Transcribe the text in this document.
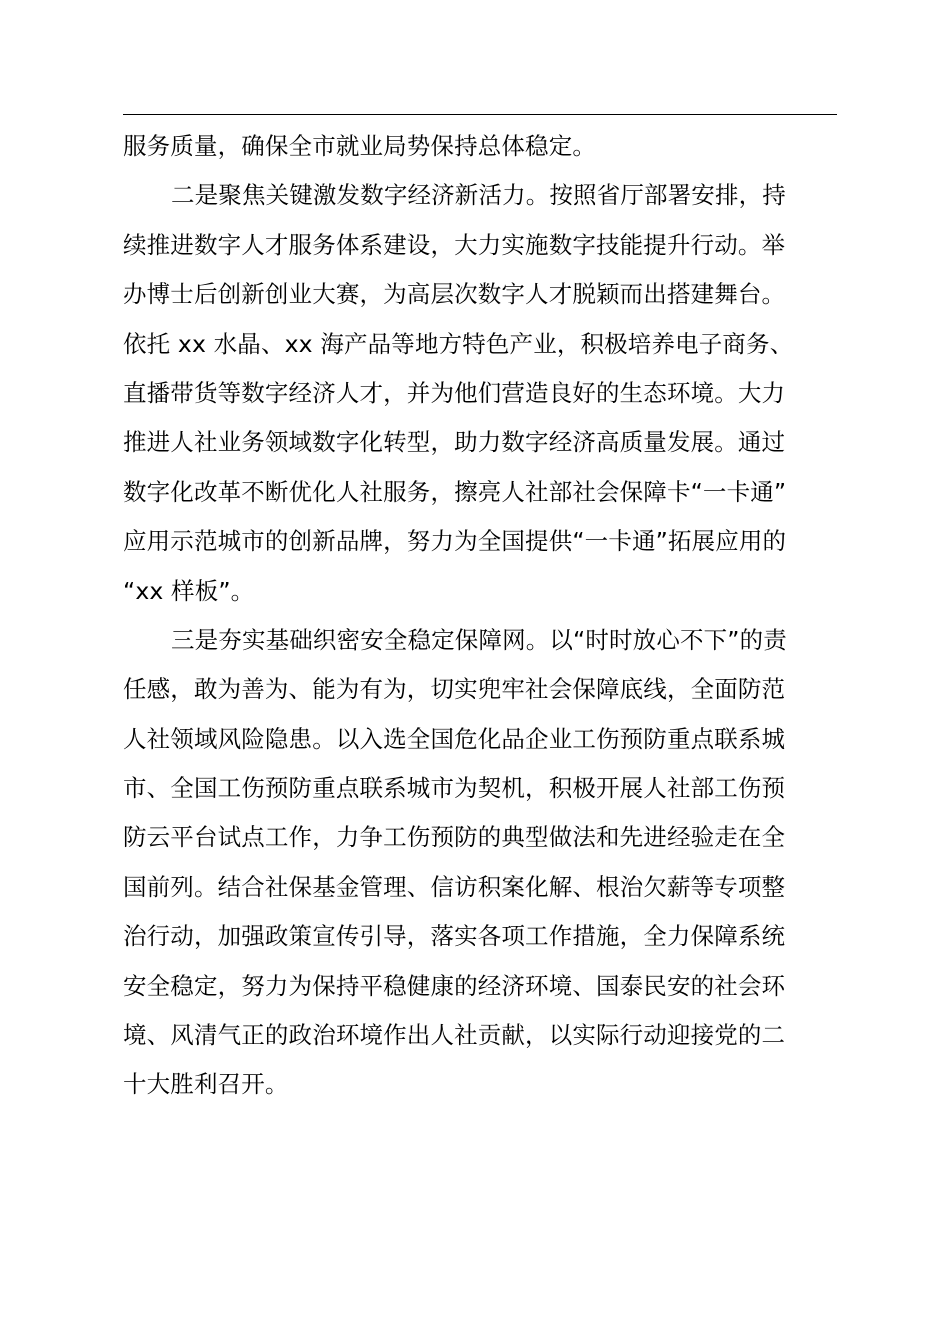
服务质量，确保全市就业局势保持总体稳定。
二是聚焦关键激发数字经济新活力。按照省厅部署安排，持
续推进数字人才服务体系建设，大力实施数字技能提升行动。举
办博士后创新创业大赛，为高层次数字人才脱颖而出搭建舞台。
依托 xx 水晶、xx 海产品等地方特色产业，积极培养电子商务、
直播带货等数字经济人才，并为他们营造良好的生态环境。大力
推进人社业务领域数字化转型，助力数字经济高质量发展。通过
数字化改革不断优化人社服务，擦亮人社部社会保障卡“一卡通”
应用示范城市的创新品牌，努力为全国提供“一卡通”拓展应用的
“xx 样板”。
三是夯实基础织密安全稳定保障网。以“时时放心不下”的责
任感，敢为善为、能为有为，切实兜牢社会保障底线，全面防范
人社领域风险隐患。以入选全国危化品企业工伤预防重点联系城
市、全国工伤预防重点联系城市为契机，积极开展人社部工伤预
防云平台试点工作，力争工伤预防的典型做法和先进经验走在全
国前列。结合社保基金管理、信访积案化解、根治欠薪等专项整
治行动，加强政策宣传引导，落实各项工作措施，全力保障系统
安全稳定，努力为保持平稳健康的经济环境、国泰民安的社会环
境、风清气正的政治环境作出人社贡献，以实际行动迎接党的二
十大胜利召开。
